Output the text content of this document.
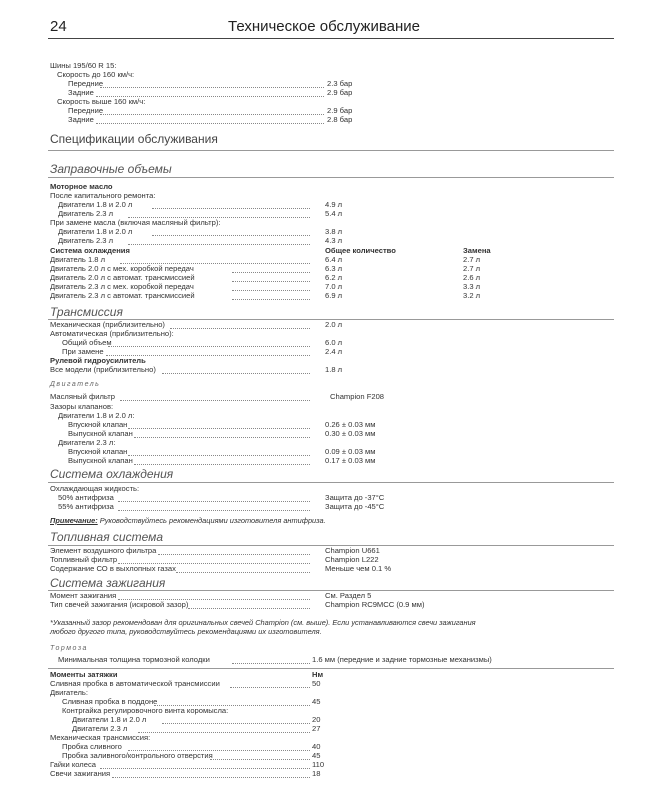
24	Техническое обслуживание
Шины 195/60 R 15:
Скорость до 160 км/ч:
Передние	2.3 бар
Задние	2.9 бар
Скорость выше 160 км/ч:
Передние	2.9 бар
Задние	2.8 бар
Спецификации обслуживания
Заправочные объемы
Моторное масло
После капитального ремонта:
Двигатели 1.8 и 2.0 л	4.9 л
Двигатель 2.3 л	5.4 л
При замене масла (включая масляный фильтр):
Двигатели 1.8 и 2.0 л	3.8 л
Двигатель 2.3 л	4.3 л
Система охлаждения	Общее количество	Замена
Двигатель 1.8 л	6.4 л	2.7 л
Двигатель 2.0 л с мех. коробкой передач	6.3 л	2.7 л
Двигатель 2.0 л с автомат. трансмиссией	6.2 л	2.6 л
Двигатель 2.3 л с мех. коробкой передач	7.0 л	3.3 л
Двигатель 2.3 л с автомат. трансмиссией	6.9 л	3.2 л
Трансмиссия
Механическая (приблизительно)	2.0 л
Автоматическая (приблизительно):
Общий объем	6.0 л
При замене	2.4 л
Рулевой гидроусилитель
Все модели (приблизительно)	1.8 л
Двигатель
Масляный фильтр	Champion F208
Зазоры клапанов:
Двигатели 1.8 и 2.0 л:
Впускной клапан	0.26 ± 0.03 мм
Выпускной клапан	0.30 ± 0.03 мм
Двигатели 2.3 л:
Впускной клапан	0.09 ± 0.03 мм
Выпускной клапан	0.17 ± 0.03 мм
Система охлаждения
Охлаждающая жидкость:
50% антифриза	Защита до -37°С
55% антифриза	Защита до -45°С
Примечание: Руководствуйтесь рекомендациями изготовителя антифриза.
Топливная система
Элемент воздушного фильтра	Champion U661
Топливный фильтр	Champion L222
Содержание СО в выхлопных газах	Меньше чем 0.1 %
Система зажигания
Момент зажигания	См. Раздел 5
Тип свечей зажигания (искровой зазор)	Champion RC9MCC (0.9 мм)
*Указанный зазор рекомендован для оригинальных свечей Champion (см. выше). Если устанавливаются свечи зажигания
любого другого типа, руководствуйтесь рекомендациями их изготовителя.
Тормоза
Минимальная толщина тормозной колодки	1.6 мм (передние и задние тормозные механизмы)
Моменты затяжки	Нм
Сливная пробка в автоматической трансмиссии	50
Двигатель:
Сливная пробка в поддоне	45
Контргайка регулировочного винта коромысла:
Двигатели 1.8 и 2.0 л	20
Двигатели 2.3 л	27
Механическая трансмиссия:
Пробка сливного	40
Пробка заливного/контрольного отверстия	45
Гайки колеса	110
Свечи зажигания	18
